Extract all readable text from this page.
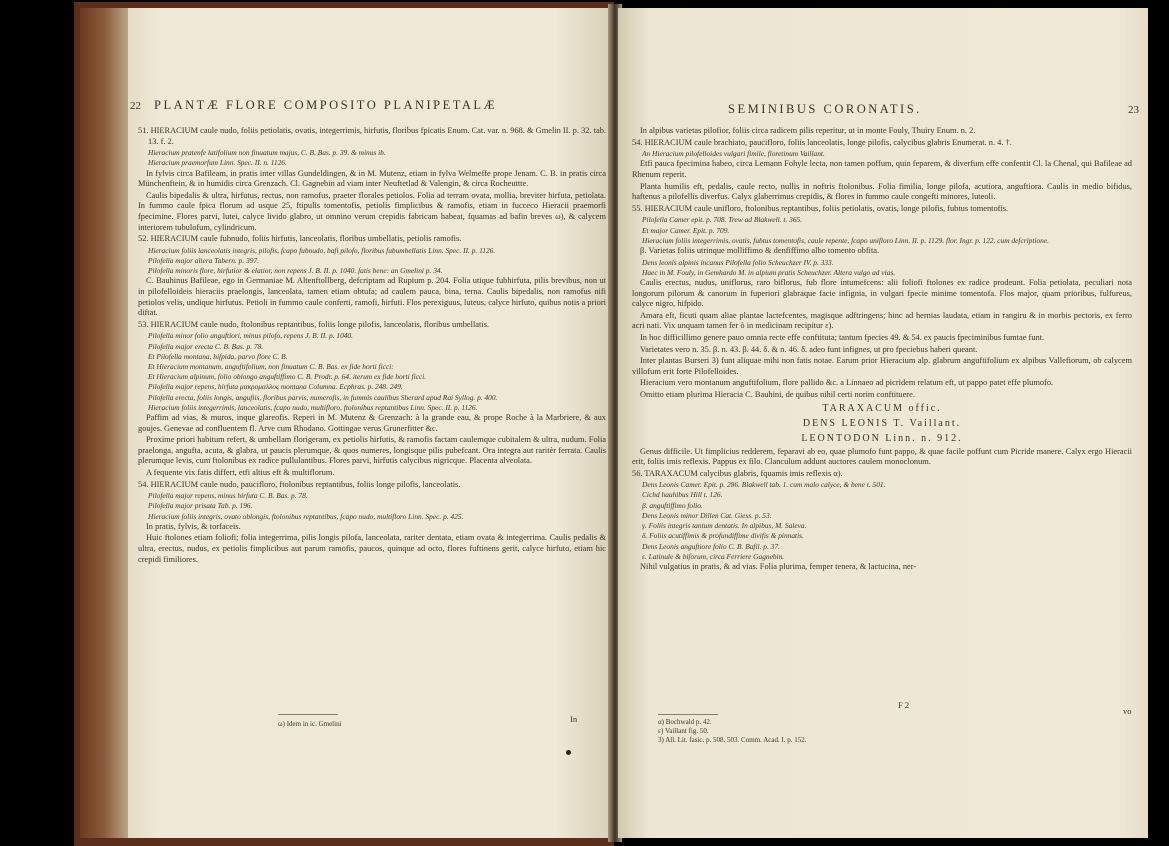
22 PLANTÆ FLORE COMPOSITO PLANIPETALÆ

51. HIERACIUM caule nudo, foliis petiolatis, ovatis, integerrimis, hirfutis, floribus fpicatis Enum. Cat. var. n. 968. & Gmelin II. p. 32. tab. 13. f. 2.

Hieracium pratenfe latifolium non finuatum majus, C. B. Bas. p. 39. & minus ib.

Hieracium praemorfum Linn. Spec. II. n. 1126.

In fylvis circa Bafileam, in pratis inter villas Gundeldingen, & in M. Mutenz, etiam in fylva Welmeffe prope Jenam. C. B. in pratis circa Münchenftein, & in humidis circa Grenzach. Cl. Gagnebin ad viam inter Neuftetlad & Valengin, & circa Rocheuttte.

Caulis bipedalis & ultra, hirfutus, rectus, non ramofus, praeter florales petiolos. Folia ad terram ovata, mollia, breviter hirfuta, petiolata. In fummo caule fpica florum ad usque 25, ftipulis tomentofis, petiolis fimplicibus & ramofis, etiam in fucceco Hieracii praemorfi fpecimine. Flores parvi, lutei, calyce livido glabro, ut omnino verum crepidis fabricam habeat, fquamas ad bafin breves ω), & calycem interiorem tubulofum, cylindricum.

52. HIERACIUM caule fubnudo, foliis hirfutis, lanceolatis, floribus umbellatis, petiolis ramofis.

Hieracium foliis lanceolatis integris, pilofis, fcapo fubnudo, bafi pilofo, floribus fubumbellatis Linn. Spec. II. p. 1126.

Pilofella major altera Tabern. p. 397.

Pilofella minoris flore, hirfutior & elatior, non repens J. B. II. p. 1040. fatis bene: an Gmelini p. 34.

C. Bauhinus Bafileae, ego in Germaniae M. Altenftollberg, defcriptam ad Rupium p. 204. Folia utique fubhirfuta, pilis brevibus, non ut in pilofelloideis hieraciis praelongis, lanceolata, tamen etiam obtufa; ad caulem pauca, bina, terna. Caulis bipedalis, non ramofus nifi petiolos velis, undique hirfutus. Petioli in fummo caule conferti, ramofi, hirfuti. Flos perexiguus, luteus, calyce hirfuto, quibus notis a priori diftat.

53. HIERACIUM caule nudo, ftolonibus reptantibus, foliis longe pilofis, lanceolatis, floribus umbellatis.

Pilofella minor folio anguftiori, minus pilofo, repens J. B. II. p. 1040.

Pilofella major erecta C. B. Bas. p. 78.

Et Pilofella montana, hifpida, parvo flore C. B.

Et Hieracium montanum, anguftifolium, non finuatum C. B. Bas. ex fide horti ficci:

Et Hieracium alpinum, folio oblongo anguftiffimo C. B. Prodr. p. 64. iterum ex fide horti ficci.

Pilofella major repens, hirfuta μακρομαλλος montana Columna. Ecphras. p. 248. 249.

Pilofella erecta, foliis longis, angufiis, floribus parvis, numerofis, in fummis caulibus Sherard apud Rai Syllog. p. 400.

Hieracium foliis integerrimis, lanceolatis, fcapo nudo, multifloro, ftolonibus reptantibus Linn. Spec. II. p. 1126.

Paffim ad vias, & muros, inque glareofis. Reperi in M. Mutenz & Grenzach: à la grande eau, & prope Roche à la Marbriere, & aux goujes. Genevae ad confluentem fl. Arve cum Rhodano. Gottingae verus Grunerfitter &c.

Proxime priori habitum refert, & umbellam florigeram, ex petiolis hirfutis, & ramofis factam caulemque cubitalem & ultra, nudum. Folia praelonga, angufta, acuta, & glabra, ut paucis plerumque, & quos numeres, longisque pilis pubefcant. Ora integra aut raritèr ferrata. Caulis plerumque levis, cum ftolonibus ex radice pullulantibus. Flores parvi, hirfutis calycibus nigricque. Placenta alveolata.

A fequente vix fatis differt, etfi altius eft & multiflorum.

54. HIERACIUM caule nudo, paucifloro, ftolonibus reptantibus, foliis longe pilofis, lanceolatis.

Pilofella major repens, minus hirfuta C. B. Bas. p. 78.

Pilofella major prisata Tab. p. 196.

Hieracium foliis integris, ovato oblongis, ftolonibus reptantibus, fcapo nudo, multifloro Linn. Spec. p. 425.

In pratis, fylvis, & torfaceis.

Huic ftolones etiam foliofi; folia integerrima, pilis longis pilofa, lanceolata, rariter dentata, etiam ovata & integerrima. Caulis pedalis & ultra, erectus, nudus, ex petiolis fimplicibus aut parum ramofis, paucos, quinque ad octo, flores fuftinens gerit, calyce hirfuto, etiam hic crepidi fimiliores.

In
ω) Idem in ic. Gmelini
SEMINIBUS CORONATIS.	23

In alpibus varietas pilofior, foliis circa radicem pilis reperitur, ut in monte Fouly, Thuiry Enum. n. 2.

54. HIERACIUM caule brachiato, paucifloro, foliis lanceolatis, longe pilofis, calycibus glabris Enumerat. n. 4. †.

An Hieracium pilofelloides vulgari fimile, floretinum Vaillant.

Etfi pauca fpecimina habeo, circa Lemann Fohyle lecta, non tamen poffum, quin feparem, & diverfum effe confentit Cl. la Chenal, qui Bafileae ad Rhenum reperit.

Planta humilis eft, pedalis, caule recto, nullis in noftris ftolonibus. Folia fimilia, longe pilofa, acutiora, anguftiora. Caulis in medio bifidus, haftenus a pilofellis diverfus. Calyx glaberrimus crepidis, & flores in fummo caule congefti minores, luteoli.

55. HIERACIUM caule unifloro, ftolonibus reptantibus, foliis petiolatis, ovatis, longe pilofis, fubtus tomentofis.

Pilofella Camer epit. p. 708. Trew ad Blakwell. t. 365.

Et major Camer. Epit. p. 709.

Hieracium foliis integerrimis, ovatis, fubtus tomentofis, caule repente, fcapo unifloro Linn. II. p. 1129. flor. Ingr. p. 122. cum defcriptione.

β. Varietas foliis utrinque molliffimo & denfiffimo albo tomento obfita.

Dens leonis alpinis incanus Pilofella folio Scheuchzer IV. p. 333.

Haec in M. Fouly, in Gemhardo M. in alpium pratis Scheuchzer. Altera vulgo ad vias.

Caulis erectus, nudus, uniflorus, raro biflorus, fub flore intumefcens: alii foliofi ftolones ex radice prodeunt. Folia petiolata, peculiari nota longorum pilorum & canorum in fuperiori glabraque facie infignia, in vulgari fpecie minime tomentofa. Flos major, quam prioribus, fulfureus, calyce nigro, hifpido.

Amara eft, ficuti quam aliae plantae lactefcentes, magisque adftringens; hinc ad hernias laudata, etiam in rangiru & in morbis pectoris, ex ferro acri nati. Vix unquam tamen fer ò in medicinam recipitur ε).

In hoc difficillimo genere pauo omnia recte effe conftituta; tantum fpecies 49. & 54. ex paucis fpeciminibus fumtae funt.

Varietates vero n. 35. β. n. 43. β. 44. δ. & n. 46. δ. adeo funt infignes, ut pro fpeciebus haberi queant.

Inter plantas Burseri 3) funt aliquae mihi non fatis notae. Earum prior Hieracium alp. glabrum anguftifolium ex alpibus Vallefiorum, ob calycem villofum erit forte Pilofelloides.

Hieracium vero montanum anguftifolium, flore pallido &c. a Linnaeo ad picridem relatum eft, ut pappo patet effe plumofo.

Omitto etiam plurima Hieracia C. Bauhini, de quibus nihil certi norim conftituere.

TARAXACUM offic.

DENS LEONIS T. Vaillant.

LEONTODON Linn. n. 912.

Genus difficile. Ut fimplicius redderem, feparavi ab eo, quae plumofo funt pappo, & quae facile poffunt cum Picride manere. Calyx ergo Hieracii erit, foliis imis reflexis. Pappus ex filo. Clanculum addunt auctores caulem monoclonum.

56. TARAXACUM calycibus glabris, fquamis imis reflexis α).

Dens Leonis Camer. Epit. p. 286. Blakwell tab. 1. cum malo calyce, & bene t. 501.

Cichd hauhibus Hill t. 126.

β. anguftiffimo folio.

Dens Leonis minor Dillen Cat. Giess. p. 53.

γ. Foliis integris tantum dentatis. In alpibus, M. Saleva.

δ. Foliis acutiffimis & profundiffime divifis & pinnatis.

Dens Leonis anguftiore folio C. B. Bafil. p. 37.

ε. Latinule & biforum, circa Ferriere Gagnebin.

Nihil vulgatius in pratis, & ad vias. Folia plurima, femper tenera, & lactucina, ner-

F 2
vo
α) Bochwald p. 42.
ε) Vaillant fig. 50.
3) All. Lit. fasic. p. 508. 503. Comm. Acad. I. p. 152.
